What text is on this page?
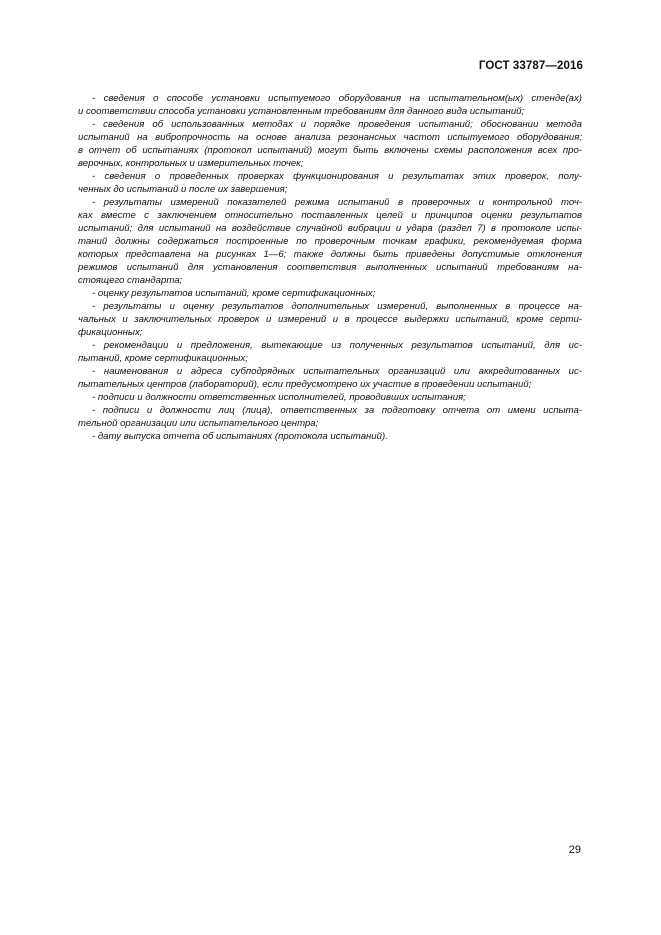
ГОСТ 33787—2016
- сведения о способе установки испытуемого оборудования на испытательном(ых) стенде(ах)
и соответствии способа установки установленным требованиям для данного вида испытаний;
- сведения об использованных методах и порядке проведения испытаний; обосновании метода
испытаний на вибропрочность на основе анализа резонансных частот испытуемого оборудования;
в отчет об испытаниях (протокол испытаний) могут быть включены схемы расположения всех про-
верочных, контрольных и измерительных точек;
- сведения о проведенных проверках функционирования и результатах этих проверок, полу-
ченных до испытаний и после их завершения;
- результаты измерений показателей режима испытаний в проверочных и контрольной точ-
ках вместе с заключением относительно поставленных целей и принципов оценки результатов
испытаний; для испытаний на воздействие случайной вибрации и удара (раздел 7) в протоколе испы-
таний должны содержаться построенные по проверочным точкам графики, рекомендуемая форма
которых представлена на рисунках 1—6; также должны быть приведены допустимые отклонения
режимов испытаний для установления соответствия выполненных испытаний требованиям на-
стоящего стандарта;
- оценку результатов испытаний, кроме сертификационных;
- результаты и оценку результатов дополнительных измерений, выполненных в процессе на-
чальных и заключительных проверок и измерений и в процессе выдержки испытаний, кроме серти-
фикационных;
- рекомендации и предложения, вытекающие из полученных результатов испытаний, для ис-
пытаний, кроме сертификационных;
- наименования и адреса субподрядных испытательных организаций или аккредитованных ис-
пытательных центров (лабораторий), если предусмотрено их участие в проведении испытаний;
- подписи и должности ответственных исполнителей, проводивших испытания;
- подписи и должности лиц (лица), ответственных за подготовку отчета от имени испыта-
тельной организации или испытательного центра;
- дату выпуска отчета об испытаниях (протокола испытаний).
29
